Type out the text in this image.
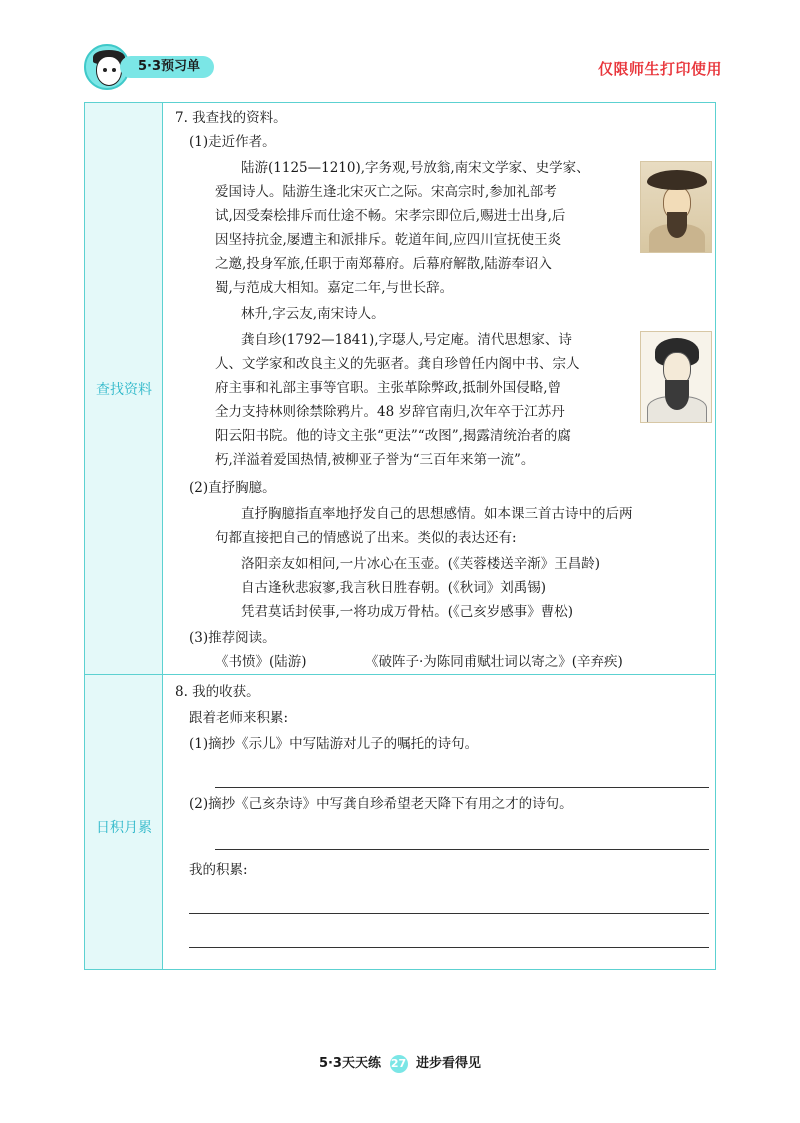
5·3预习单	仅限师生打印使用
查找资料
7. 我查找的资料。
(1)走近作者。
陆游(1125—1210),字务观,号放翁,南宋文学家、史学家、
爱国诗人。陆游生逢北宋灭亡之际。宋高宗时,参加礼部考
试,因受秦桧排斥而仕途不畅。宋孝宗即位后,赐进士出身,后
因坚持抗金,屡遭主和派排斥。乾道年间,应四川宣抚使王炎
之邀,投身军旅,任职于南郑幕府。后幕府解散,陆游奉诏入
蜀,与范成大相知。嘉定二年,与世长辞。
林升,字云友,南宋诗人。
龚自珍(1792—1841),字璱人,号定庵。清代思想家、诗
人、文学家和改良主义的先驱者。龚自珍曾任内阁中书、宗人
府主事和礼部主事等官职。主张革除弊政,抵制外国侵略,曾
全力支持林则徐禁除鸦片。48 岁辞官南归,次年卒于江苏丹
阳云阳书院。他的诗文主张“更法”“改图”,揭露清统治者的腐
朽,洋溢着爱国热情,被柳亚子誉为“三百年来第一流”。
(2)直抒胸臆。
直抒胸臆指直率地抒发自己的思想感情。如本课三首古诗中的后两
句都直接把自己的情感说了出来。类似的表达还有:
洛阳亲友如相问,一片冰心在玉壶。(《芙蓉楼送辛渐》王昌龄)
自古逢秋悲寂寥,我言秋日胜春朝。(《秋词》刘禹锡)
凭君莫话封侯事,一将功成万骨枯。(《己亥岁感事》曹松)
(3)推荐阅读。
《书愤》(陆游)	《破阵子·为陈同甫赋壮词以寄之》(辛弃疾)
日积月累
8. 我的收获。
跟着老师来积累:
(1)摘抄《示儿》中写陆游对儿子的嘱托的诗句。
(2)摘抄《己亥杂诗》中写龚自珍希望老天降下有用之才的诗句。
我的积累:
5·3天天练 27 进步看得见
